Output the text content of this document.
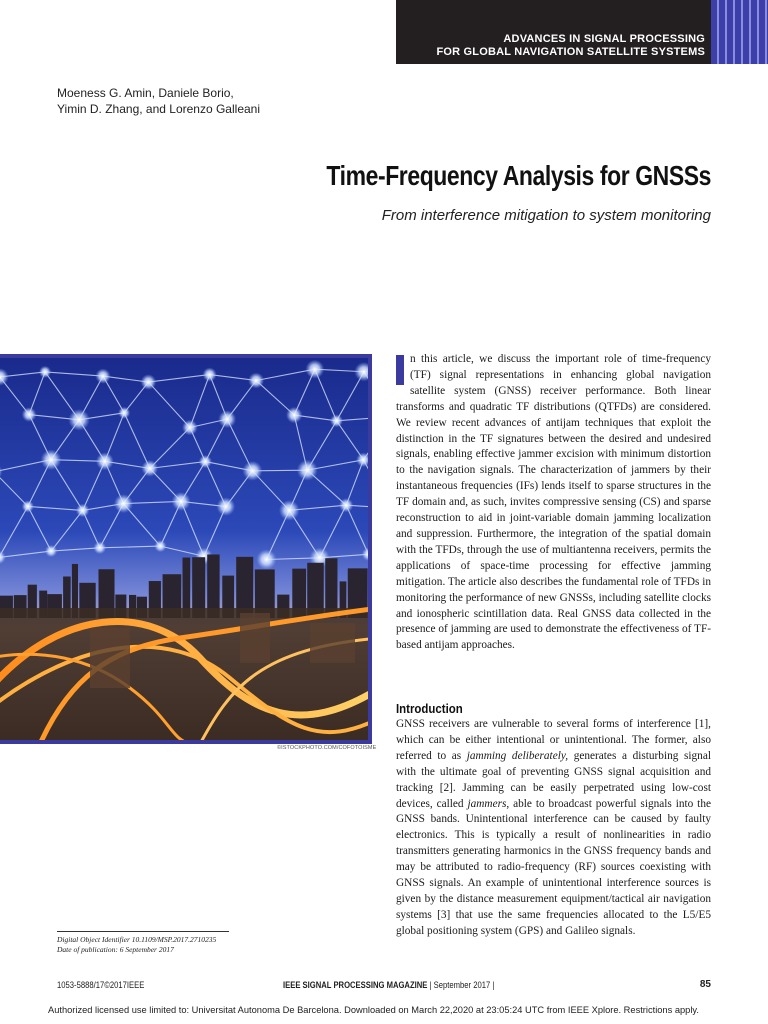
ADVANCES IN SIGNAL PROCESSING
FOR GLOBAL NAVIGATION SATELLITE SYSTEMS
Moeness G. Amin, Daniele Borio,
Yimin D. Zhang, and Lorenzo Galleani
Time-Frequency Analysis for GNSSs
From interference mitigation to system monitoring
©ISTOCKPHOTO.COM/COFOTOISME

n this article, we discuss the important role of time-frequency (TF) signal representations in enhancing global navigation satellite system (GNSS) receiver performance. Both linear transforms and quadratic TF distributions (QTFDs) are considered. We review recent advances of antijam techniques that exploit the distinction in the TF signatures between the desired and undesired signals, enabling effective jammer excision with minimum distortion to the navigation signals. The characterization of jammers by their instantaneous frequencies (IFs) lends itself to sparse structures in the TF domain and, as such, invites compressive sensing (CS) and sparse reconstruction to aid in joint-variable domain jamming localization and suppression. Furthermore, the integration of the spatial domain with the TFDs, through the use of multiantenna receivers, permits the applications of space-time processing for effective jamming mitigation. The article also describes the fundamental role of TFDs in monitoring the performance of new GNSSs, including satellite clocks and ionospheric scintillation data. Real GNSS data collected in the presence of jamming are used to demonstrate the effectiveness of TF-based antijam approaches.

Introduction

GNSS receivers are vulnerable to several forms of interference [1], which can be either intentional or unintentional. The former, also referred to as jamming deliberately, generates a disturbing signal with the ultimate goal of preventing GNSS signal acquisition and tracking [2]. Jamming can be easily perpetrated using low-cost devices, called jammers, able to broadcast powerful signals into the GNSS bands. Unintentional interference can be caused by faulty electronics. This is typically a result of nonlinearities in radio transmitters generating harmonics in the GNSS frequency bands and may be attributed to radio-frequency (RF) sources coexisting with GNSS signals. An example of unintentional interference sources is given by the distance measurement equipment/tactical air navigation systems [3] that use the same frequencies allocated to the L5/E5 global positioning system (GPS) and Galileo signals.

Digital Object Identifier 10.1109/MSP.2017.2710235
Date of publication: 6 September 2017
1053-5888/17©2017IEEE	IEEE SIGNAL PROCESSING MAGAZINE | September 2017 |	85
Authorized licensed use limited to: Universitat Autonoma De Barcelona. Downloaded on March 22,2020 at 23:05:24 UTC from IEEE Xplore. Restrictions apply.
